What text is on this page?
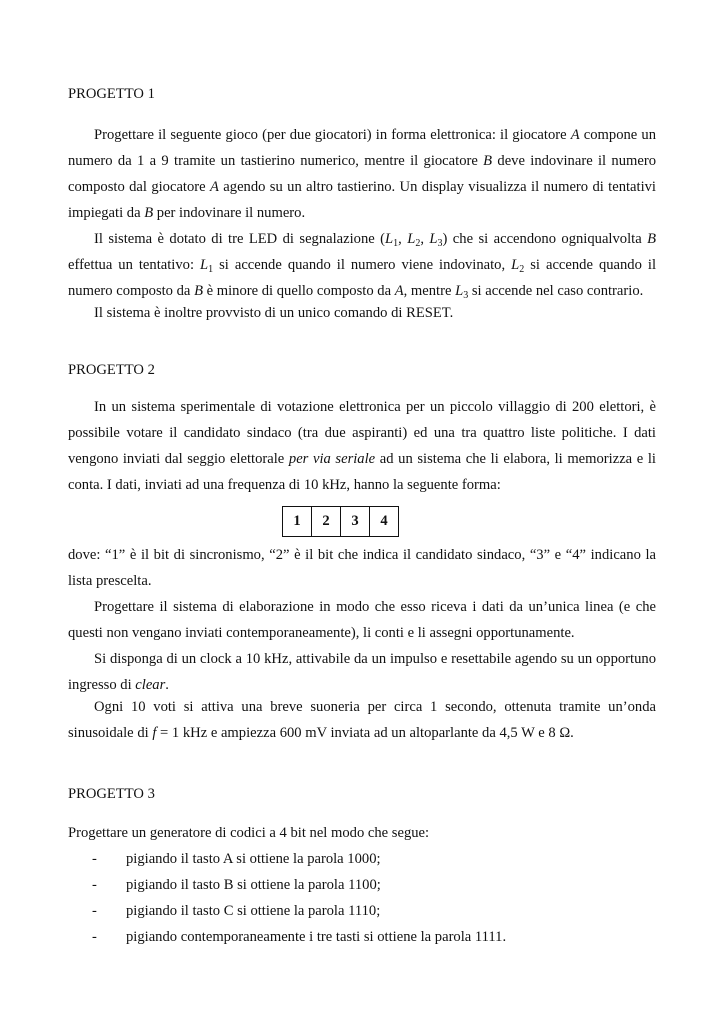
PROGETTO 1
Progettare il seguente gioco (per due giocatori) in forma elettronica: il giocatore A compone un numero da 1 a 9 tramite un tastierino numerico, mentre il giocatore B deve indovinare il numero composto dal giocatore A agendo su un altro tastierino. Un display visualizza il numero di tentativi impiegati da B per indovinare il numero.
Il sistema è dotato di tre LED di segnalazione ($L_1$, $L_2$, $L_3$) che si accendono ogniqualvolta B effettua un tentativo: $L_1$ si accende quando il numero viene indovinato, $L_2$ si accende quando il numero composto da B è minore di quello composto da A, mentre $L_3$ si accende nel caso contrario.
Il sistema è inoltre provvisto di un unico comando di RESET.
PROGETTO 2
In un sistema sperimentale di votazione elettronica per un piccolo villaggio di 200 elettori, è possibile votare il candidato sindaco (tra due aspiranti) ed una tra quattro liste politiche. I dati vengono inviati dal seggio elettorale per via seriale ad un sistema che li elabora, li memorizza e li conta. I dati, inviati ad una frequenza di 10 kHz, hanno la seguente forma:
1	2	3	4
dove: “1” è il bit di sincronismo, “2” è il bit che indica il candidato sindaco, “3” e “4” indicano la lista prescelta.
Progettare il sistema di elaborazione in modo che esso riceva i dati da un’unica linea (e che questi non vengano inviati contemporaneamente), li conti e li assegni opportunamente.
Si disponga di un clock a 10 kHz, attivabile da un impulso e resettabile agendo su un opportuno ingresso di clear.
Ogni 10 voti si attiva una breve suoneria per circa 1 secondo, ottenuta tramite un’onda sinusoidale di f = 1 kHz e ampiezza 600 mV inviata ad un altoparlante da 4,5 W e 8 Ω.
PROGETTO 3
Progettare un generatore di codici a 4 bit nel modo che segue:
- pigiando il tasto A si ottiene la parola 1000;
- pigiando il tasto B si ottiene la parola 1100;
- pigiando il tasto C si ottiene la parola 1110;
- pigiando contemporaneamente i tre tasti si ottiene la parola 1111.
